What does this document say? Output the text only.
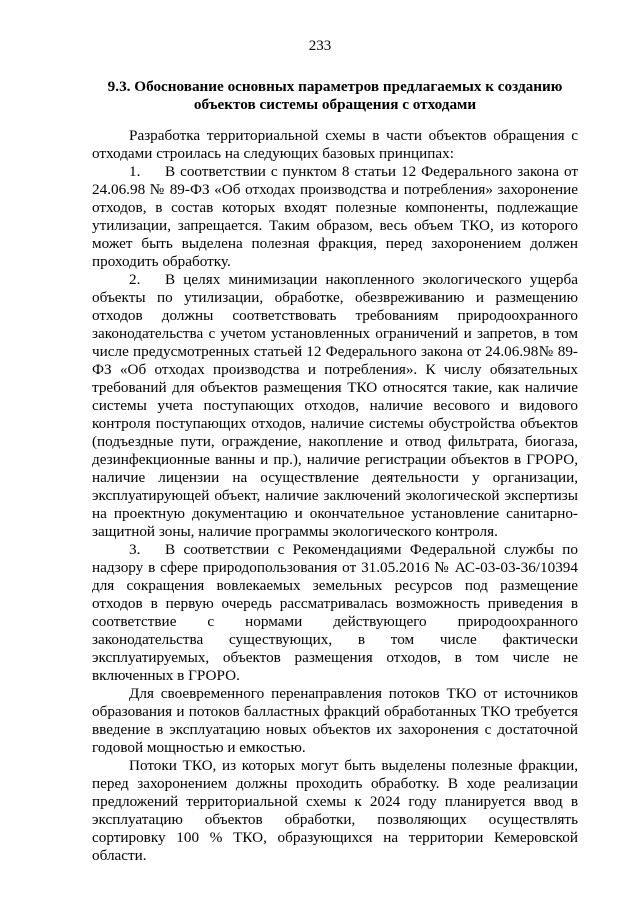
233
9.3. Обоснование основных параметров предлагаемых к созданию
объектов системы обращения с отходами

Разработка территориальной схемы в части объектов обращения с отходами строилась на следующих базовых принципах:

1. В соответствии с пунктом 8 статьи 12 Федерального закона от 24.06.98 № 89-ФЗ «Об отходах производства и потребления» захоронение отходов, в состав которых входят полезные компоненты, подлежащие утилизации, запрещается. Таким образом, весь объем ТКО, из которого может быть выделена полезная фракция, перед захоронением должен проходить обработку.

2. В целях минимизации накопленного экологического ущерба объекты по утилизации, обработке, обезвреживанию и размещению отходов должны соответствовать требованиям природоохранного законодательства с учетом установленных ограничений и запретов, в том числе предусмотренных статьей 12 Федерального закона от 24.06.98№ 89-ФЗ «Об отходах производства и потребления». К числу обязательных требований для объектов размещения ТКО относятся такие, как наличие системы учета поступающих отходов, наличие весового и видового контроля поступающих отходов, наличие системы обустройства объектов (подъездные пути, ограждение, накопление и отвод фильтрата, биогаза, дезинфекционные ванны и пр.), наличие регистрации объектов в ГРОРО, наличие лицензии на осуществление деятельности у организации, эксплуатирующей объект, наличие заключений экологической экспертизы на проектную документацию и окончательное установление санитарно-защитной зоны, наличие программы экологического контроля.

3. В соответствии с Рекомендациями Федеральной службы по надзору в сфере природопользования от 31.05.2016 № АС-03-03-36/10394 для сокращения вовлекаемых земельных ресурсов под размещение отходов в первую очередь рассматривалась возможность приведения в соответствие с нормами действующего природоохранного законодательства существующих, в том числе фактически эксплуатируемых, объектов размещения отходов, в том числе не включенных в ГРОРО.

Для своевременного перенаправления потоков ТКО от источников образования и потоков балластных фракций обработанных ТКО требуется введение в эксплуатацию новых объектов их захоронения с достаточной годовой мощностью и емкостью.

Потоки ТКО, из которых могут быть выделены полезные фракции, перед захоронением должны проходить обработку. В ходе реализации предложений территориальной схемы к 2024 году планируется ввод в эксплуатацию объектов обработки, позволяющих осуществлять сортировку 100 % ТКО, образующихся на территории Кемеровской области.
